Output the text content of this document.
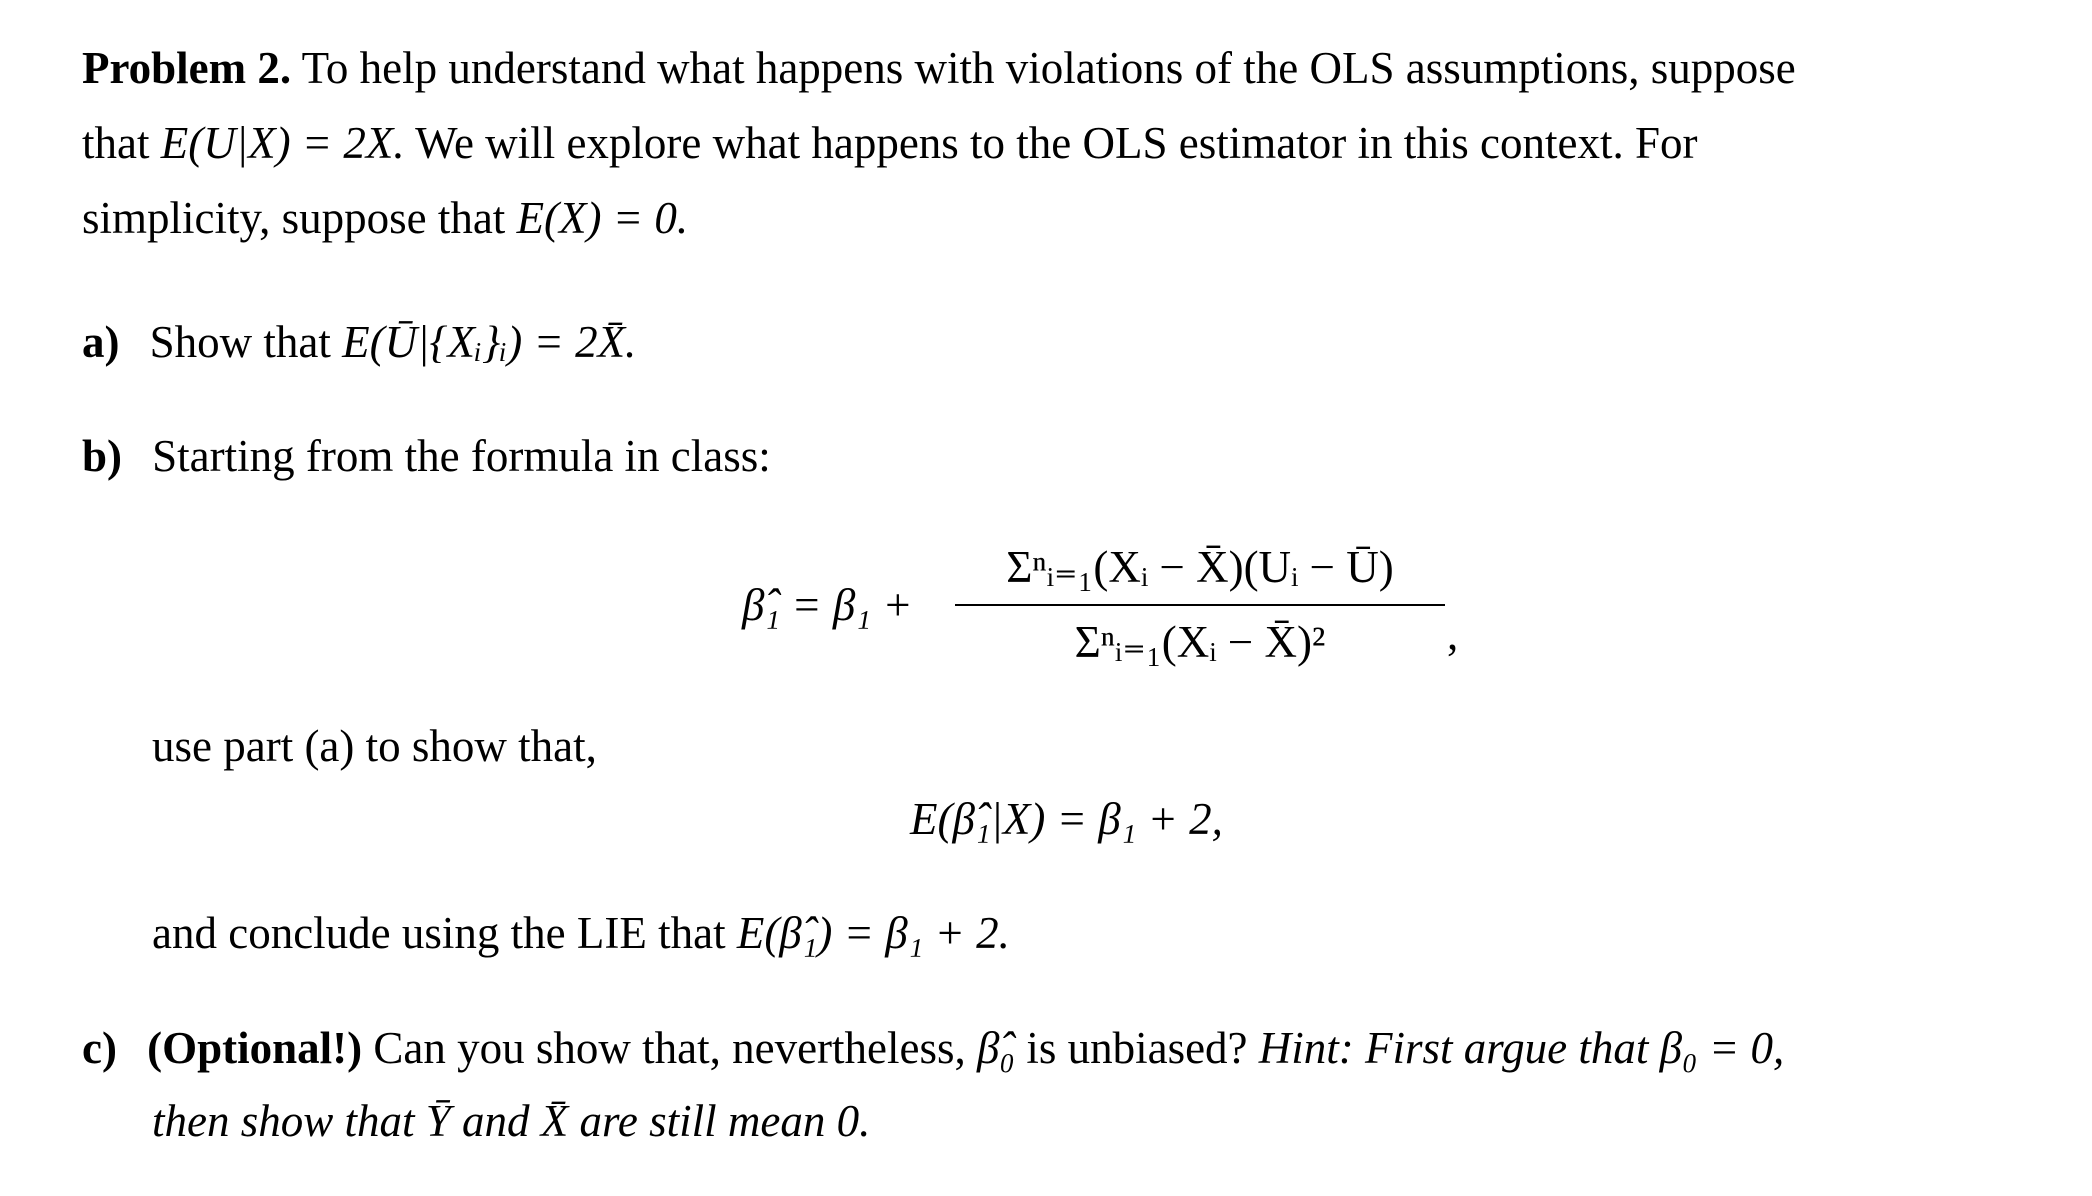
Problem 2. To help understand what happens with violations of the OLS assumptions, suppose
that E(U|X) = 2X. We will explore what happens to the OLS estimator in this context. For
simplicity, suppose that E(X) = 0.
a) Show that E(Ū|{Xᵢ}ᵢ) = 2X̄.
b) Starting from the formula in class:
β̂₁ = β₁ +
Σⁿᵢ₌₁(Xᵢ − X̄)(Uᵢ − Ū)
Σⁿᵢ₌₁(Xᵢ − X̄)²	,
use part (a) to show that,
E(β̂₁|X) = β₁ + 2,
and conclude using the LIE that E(β̂₁) = β₁ + 2.
c) (Optional!) Can you show that, nevertheless, β̂₀ is unbiased? Hint: First argue that β₀ = 0,
then show that Ȳ and X̄ are still mean 0.
